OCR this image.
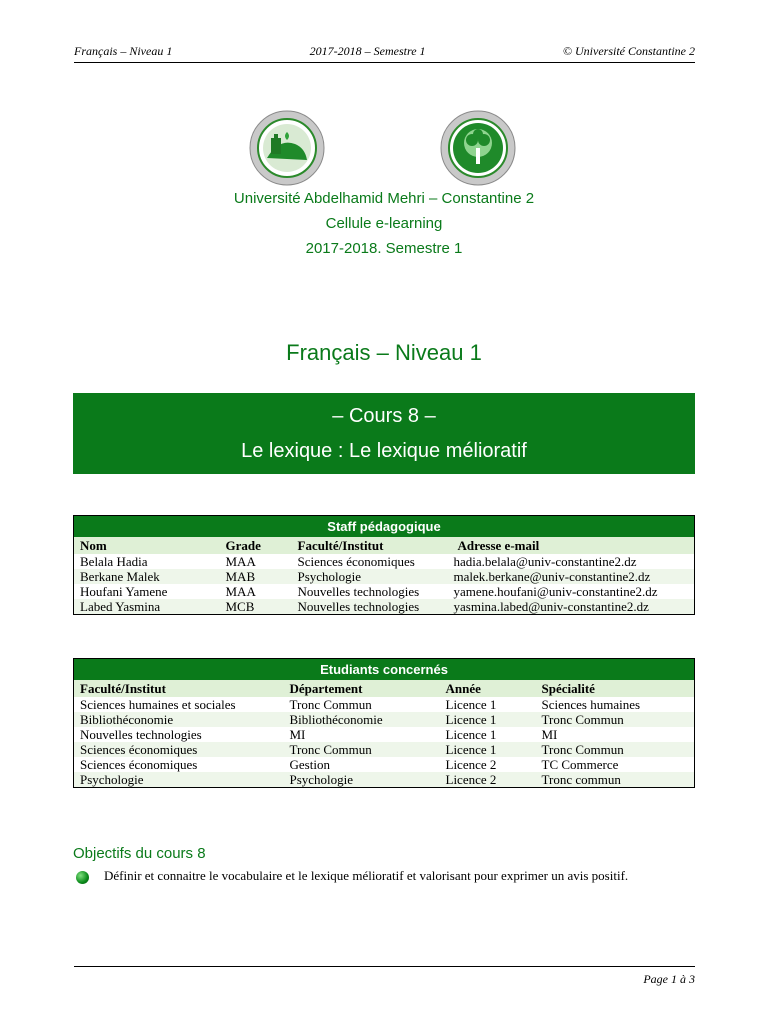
Français – Niveau 1	2017-2018 – Semestre 1	© Université Constantine 2
Université Abdelhamid Mehri – Constantine 2
Cellule e-learning
2017-2018. Semestre 1
Français – Niveau 1
– Cours 8 –
Le lexique : Le lexique mélioratif
Staff pédagogique			
Nom	Grade	Faculté/Institut	Adresse e-mail
Belala Hadia	MAA	Sciences économiques	hadia.belala@univ-constantine2.dz
Berkane Malek	MAB	Psychologie	malek.berkane@univ-constantine2.dz
Houfani Yamene	MAA	Nouvelles technologies	yamene.houfani@univ-constantine2.dz
Labed Yasmina	MCB	Nouvelles technologies	yasmina.labed@univ-constantine2.dz
Etudiants concernés			
Faculté/Institut	Département	Année	Spécialité
Sciences humaines et sociales	Tronc Commun	Licence 1	Sciences humaines
Bibliothéconomie	Bibliothéconomie	Licence 1	Tronc Commun
Nouvelles technologies	MI	Licence 1	MI
Sciences économiques	Tronc Commun	Licence 1	Tronc Commun
Sciences économiques	Gestion	Licence 2	TC Commerce
Psychologie	Psychologie	Licence 2	Tronc commun
Objectifs du cours 8
Définir et connaitre le vocabulaire et le lexique mélioratif et valorisant pour exprimer un avis positif.
Page 1 à 3
